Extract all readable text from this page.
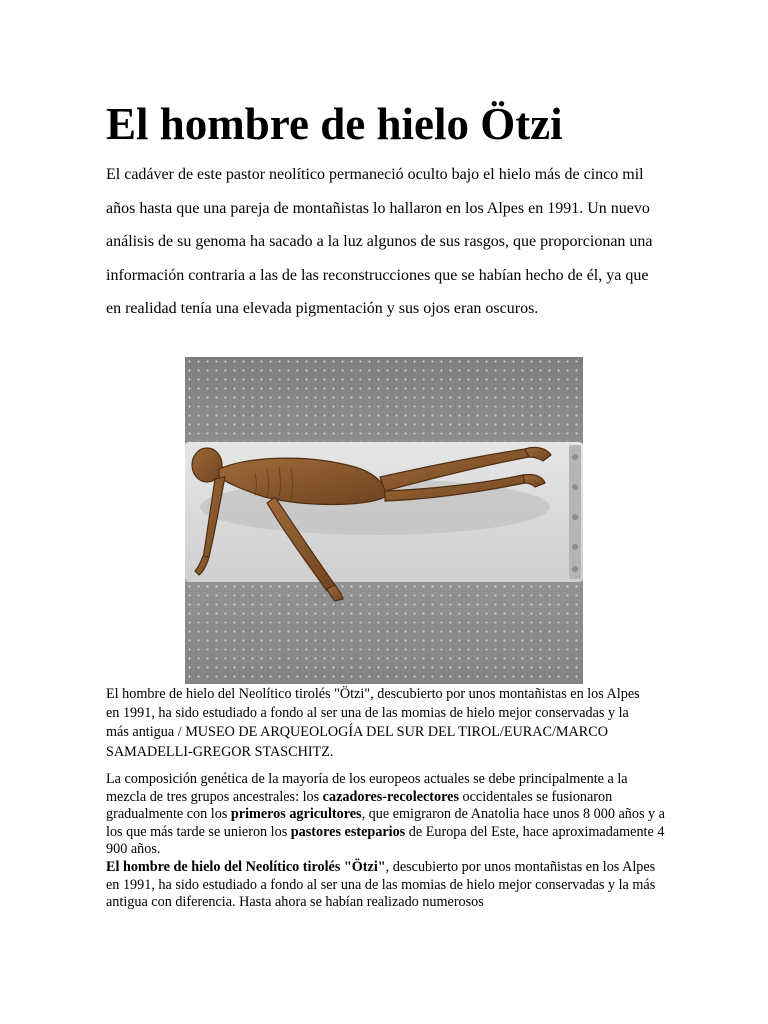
El hombre de hielo Ötzi

El cadáver de este pastor neolítico permaneció oculto bajo el hielo más de cinco mil años hasta que una pareja de montañistas lo hallaron en los Alpes en 1991. Un nuevo análisis de su genoma ha sacado a la luz algunos de sus rasgos, que proporcionan una información contraria a las de las reconstrucciones que se habían hecho de él, ya que en realidad tenía una elevada pigmentación y sus ojos eran oscuros.

El hombre de hielo del Neolítico tirolés "Ötzi", descubierto por unos montañistas en los Alpes en 1991, ha sido estudiado a fondo al ser una de las momias de hielo mejor conservadas y la más antigua / MUSEO DE ARQUEOLOGÍA DEL SUR DEL TIROL/EURAC/MARCO SAMADELLI-GREGOR STASCHITZ.

La composición genética de la mayoría de los europeos actuales se debe principalmente a la mezcla de tres grupos ancestrales: los cazadores-recolectores occidentales se fusionaron gradualmente con los primeros agricultores, que emigraron de Anatolia hace unos 8 000 años y a los que más tarde se unieron los pastores esteparios de Europa del Este, hace aproximadamente 4 900 años.
El hombre de hielo del Neolítico tirolés "Ötzi", descubierto por unos montañistas en los Alpes en 1991, ha sido estudiado a fondo al ser una de las momias de hielo mejor conservadas y la más antigua con diferencia. Hasta ahora se habían realizado numerosos
